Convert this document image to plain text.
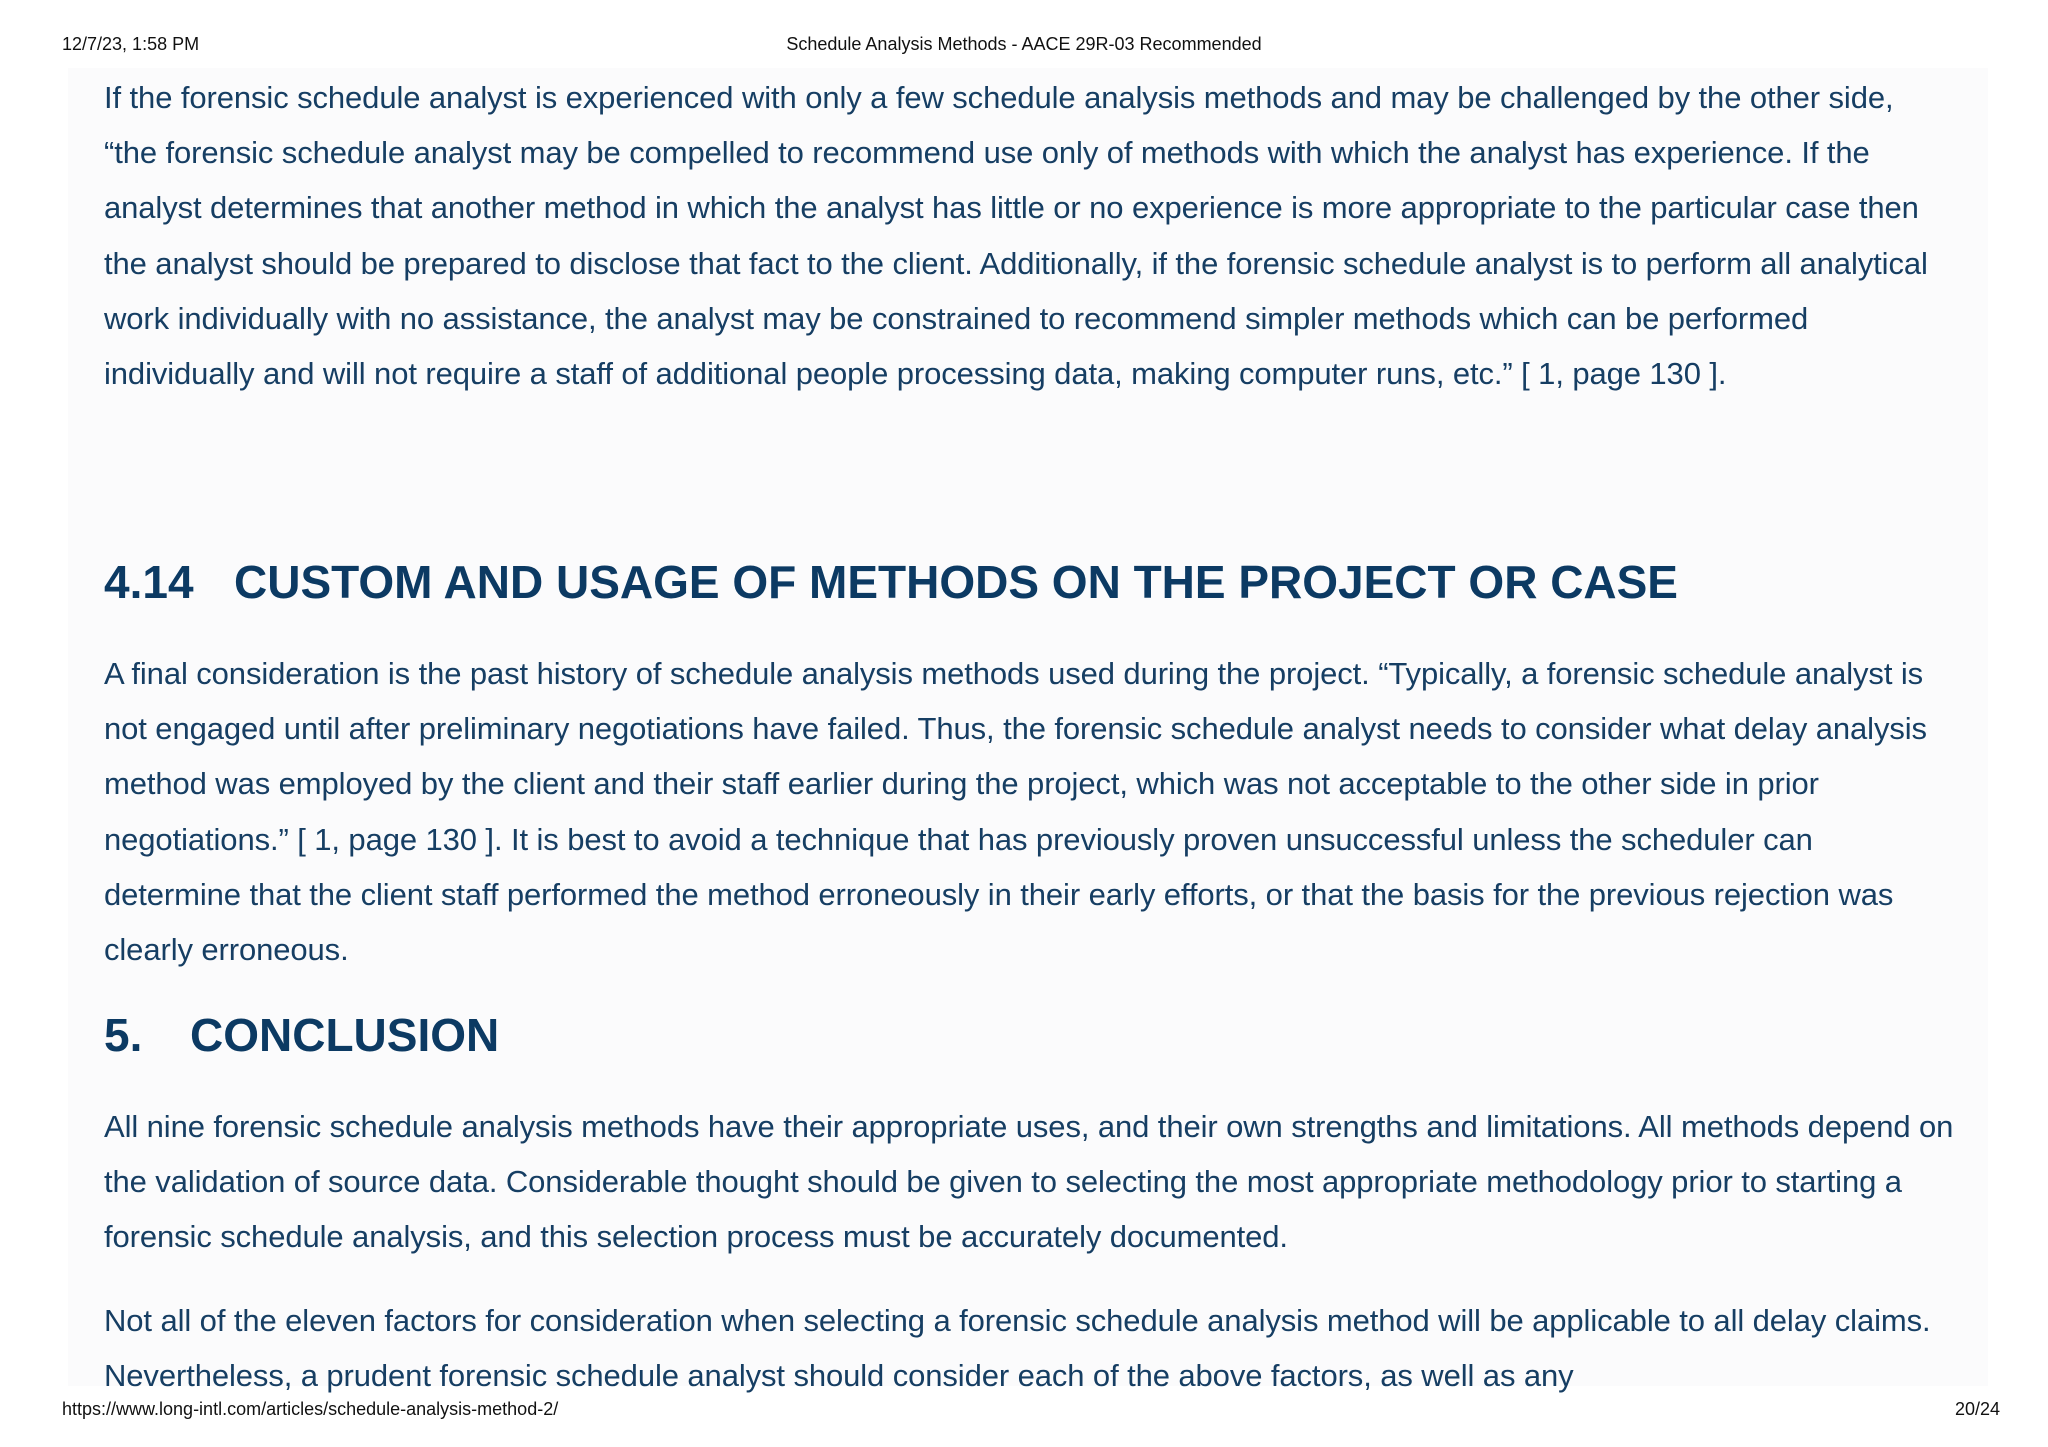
12/7/23, 1:58 PM	Schedule Analysis Methods - AACE 29R-03 Recommended

If the forensic schedule analyst is experienced with only a few schedule analysis methods and may be challenged by the other side, “the forensic schedule analyst may be compelled to recommend use only of methods with which the analyst has experience. If the analyst determines that another method in which the analyst has little or no experience is more appropriate to the particular case then the analyst should be prepared to disclose that fact to the client. Additionally, if the forensic schedule analyst is to perform all analytical work individually with no assistance, the analyst may be constrained to recommend simpler methods which can be performed individually and will not require a staff of additional people processing data, making computer runs, etc.” [ 1, page 130 ].

4.14 CUSTOM AND USAGE OF METHODS ON THE PROJECT OR CASE

A final consideration is the past history of schedule analysis methods used during the project. “Typically, a forensic schedule analyst is not engaged until after preliminary negotiations have failed. Thus, the forensic schedule analyst needs to consider what delay analysis method was employed by the client and their staff earlier during the project, which was not acceptable to the other side in prior negotiations.” [ 1, page 130 ]. It is best to avoid a technique that has previously proven unsuccessful unless the scheduler can determine that the client staff performed the method erroneously in their early efforts, or that the basis for the previous rejection was clearly erroneous.

5. CONCLUSION

All nine forensic schedule analysis methods have their appropriate uses, and their own strengths and limitations. All methods depend on the validation of source data. Considerable thought should be given to selecting the most appropriate methodology prior to starting a forensic schedule analysis, and this selection process must be accurately documented.

Not all of the eleven factors for consideration when selecting a forensic schedule analysis method will be applicable to all delay claims. Nevertheless, a prudent forensic schedule analyst should consider each of the above factors, as well as any

https://www.long-intl.com/articles/schedule-analysis-method-2/	20/24
